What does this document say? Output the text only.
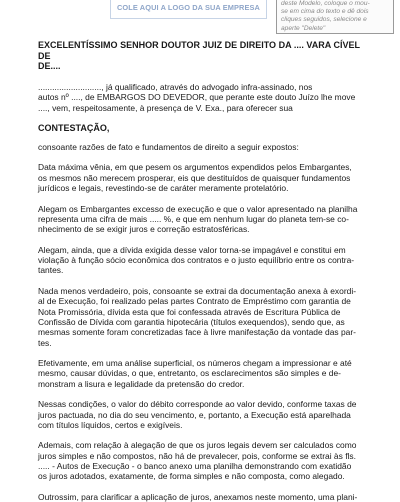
COLE AQUI A LOGO DA SUA EMPRESA	deste Modelo, coloque o mou-
se em cima do texto e dê dois
cliques seguidos, selecione e
aperte "Delete"

EXCELENTÍSSIMO SENHOR DOUTOR JUIZ DE DIREITO DA .... VARA CÍVEL DE
DE....

..........................., já qualificado, através do advogado infra-assinado, nos
autos nº ...., de EMBARGOS DO DEVEDOR, que perante este douto Juízo lhe move
...., vem, respeitosamente, à presença de V. Exa., para oferecer sua

CONTESTAÇÃO,

consoante razões de fato e fundamentos de direito a seguir expostos:

Data máxima vênia, em que pesem os argumentos expendidos pelos Embargantes,
os mesmos não merecem prosperar, eis que destituídos de quaisquer fundamentos
jurídicos e legais, revestindo-se de caráter meramente protelatório.

Alegam os Embargantes excesso de execução e que o valor apresentado na planilha
representa uma cifra de mais ..... %, e que em nenhum lugar do planeta tem-se co-
nhecimento de se exigir juros e correção estratosféricas.

Alegam, ainda, que a dívida exigida desse valor torna-se impagável e constitui em
violação à função sócio econômica dos contratos e o justo equilíbrio entre os contra-
tantes.

Nada menos verdadeiro, pois, consoante se extrai da documentação anexa à exordi-
al de Execução, foi realizado pelas partes Contrato de Empréstimo com garantia de
Nota Promissória, dívida esta que foi confessada através de Escritura Pública de
Confissão de Dívida com garantia hipotecária (títulos exequendos), sendo que, as
mesmas somente foram concretizadas face à livre manifestação da vontade das par-
tes.

Efetivamente, em uma análise superficial, os números chegam a impressionar e até
mesmo, causar dúvidas, o que, entretanto, os esclarecimentos são simples e de-
monstram a lisura e legalidade da pretensão do credor.

Nessas condições, o valor do débito corresponde ao valor devido, conforme taxas de
juros pactuada, no dia do seu vencimento, e, portanto, a Execução está aparelhada
com títulos líquidos, certos e exigíveis.

Ademais, com relação à alegação de que os juros legais devem ser calculados como
juros simples e não compostos, não há de prevalecer, pois, conforme se extrai às fls.
..... - Autos de Execução - o banco anexo uma planilha demonstrando com exatidão
os juros adotados, exatamente, de forma simples e não composta, como alegado.

Outrossim, para clarificar a aplicação de juros, anexamos neste momento, uma plani-
